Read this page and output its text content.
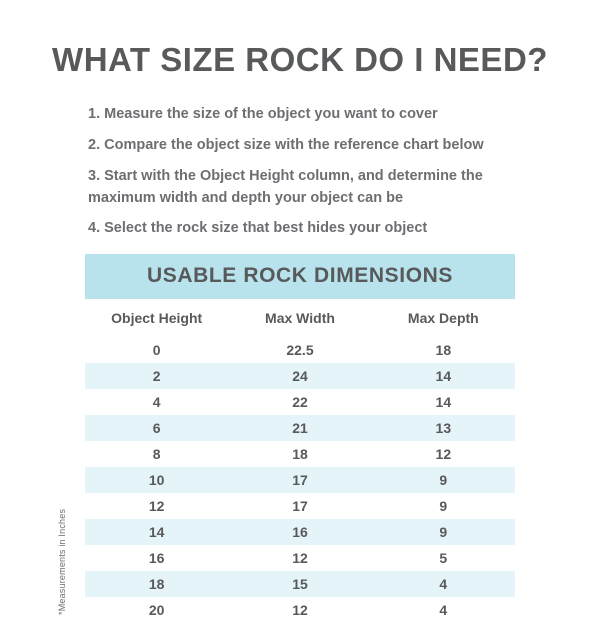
WHAT SIZE ROCK DO I NEED?
1. Measure the size of the object you want to cover
2. Compare the object size with the reference chart below
3. Start with the Object Height column, and determine the maximum width and depth your object can be
4. Select the rock size that best hides your object
*Measurements in Inches
USABLE ROCK DIMENSIONS		
Object Height	Max Width	Max Depth
0	22.5	18
2	24	14
4	22	14
6	21	13
8	18	12
10	17	9
12	17	9
14	16	9
16	12	5
18	15	4
20	12	4
